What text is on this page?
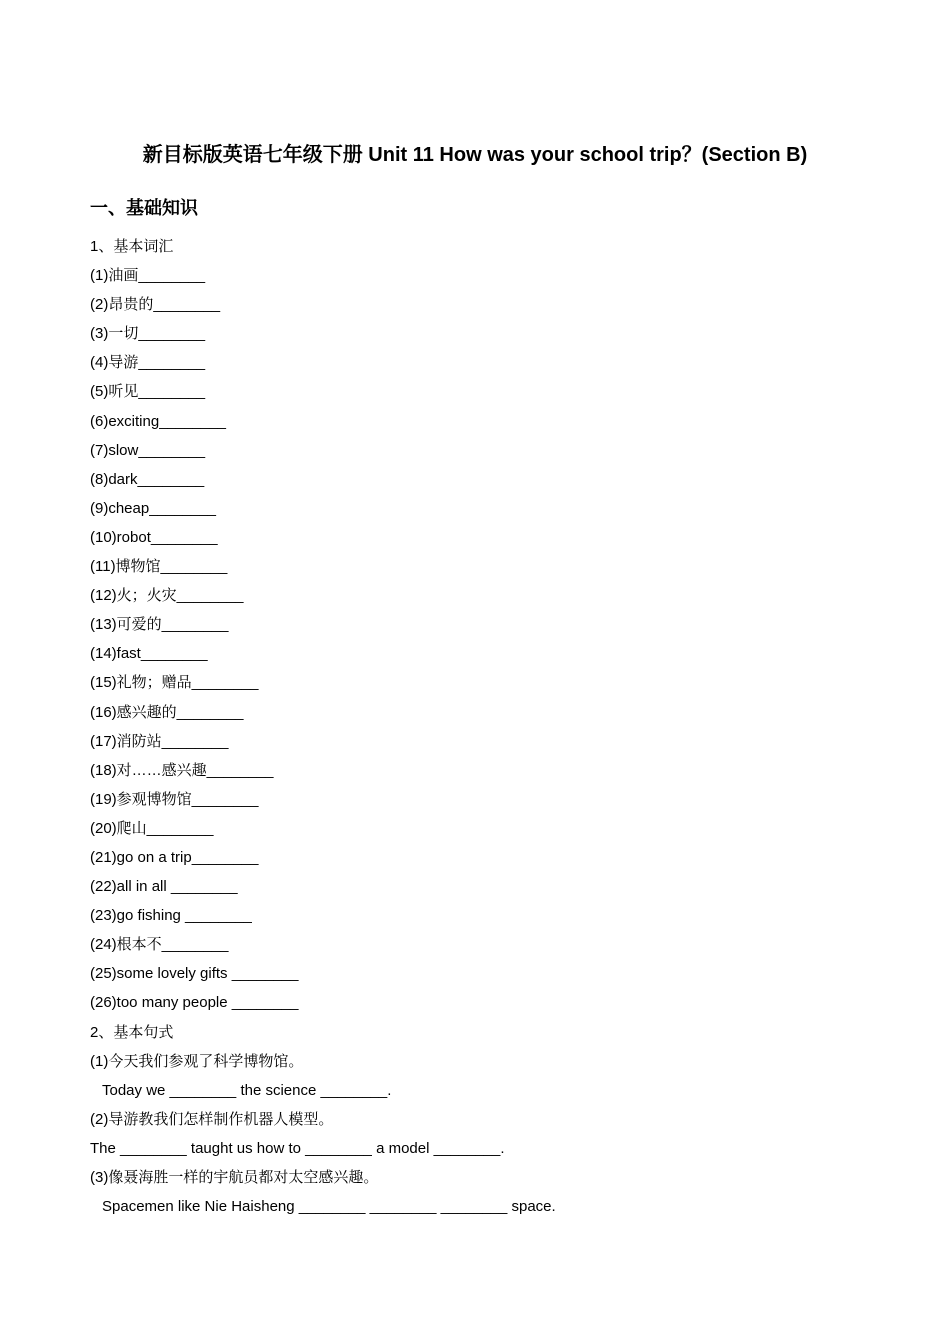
新目标版英语七年级下册 Unit 11 How was your school trip？(Section B)
一、基础知识
1、基本词汇
(1)油画________
(2)昂贵的________
(3)一切________
(4)导游________
(5)听见________
(6)exciting________
(7)slow________
(8)dark________
(9)cheap________
(10)robot________
(11)博物馆________
(12)火；火灾________
(13)可爱的________
(14)fast________
(15)礼物；赠品________
(16)感兴趣的________
(17)消防站________
(18)对……感兴趣________
(19)参观博物馆________
(20)爬山________
(21)go on a trip________
(22)all in all ________
(23)go fishing ________
(24)根本不________
(25)some lovely gifts ________
(26)too many people ________
2、基本句式
(1)今天我们参观了科学博物馆。
Today we ________ the science ________.
(2)导游教我们怎样制作机器人模型。
The ________ taught us how to ________ a model ________.
(3)像聂海胜一样的宇航员都对太空感兴趣。
Spacemen like Nie Haisheng ________ ________ ________ space.
